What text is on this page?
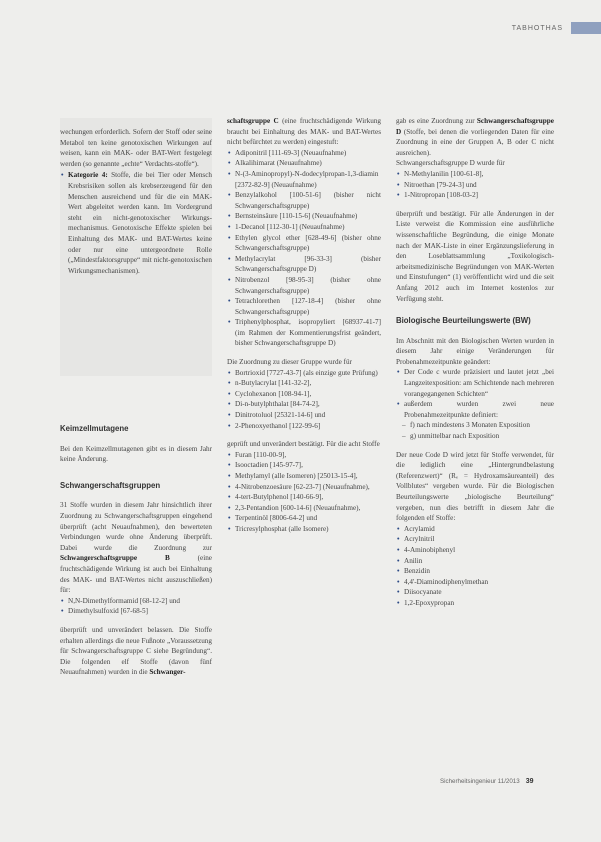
TABHOTHAS

wechungen erforderlich. Sofern der Stoff oder seine Metabol ten keine genotoxischen Wirkungen auf weisen, kann ein MAK- oder BAT-Wert festgelegt werden (so genannte „echte“ Verdachts-stoffe“).

• Kategorie 4: Stoffe, die bei Tier oder Mensch Krebsrisiken sollen als krebserzeugend für den Menschen ausreichend und für die ein MAK-Wert abgeleitet werden kann. Im Vordergrund steht ein nicht-genotoxischer Wirkungs-mechanismus. Genotoxische Effekte spielen bei Einhaltung des MAK- und BAT-Wertes keine oder nur eine untergeordnete Rolle („Mindestfaktorsgruppe“ mit nicht-genotoxischen Wirkungsmechanismen).

Keimzellmutagene

Bei den Keimzellmutagenen gibt es in diesem Jahr keine Änderung.

Schwangerschaftsgruppen

31 Stoffe wurden in diesem Jahr hinsichtlich ihrer Zuordnung zu Schwangerschaftsgruppen eingehend überprüft (acht Neuaufnahmen), den bewerteten Verbindungen wurde ohne Änderung überprüft. Dabei wurde die Zuordnung zur Schwangerschaftsgruppe B	(eine fruchtschädigende Wirkung ist auch bei Einhaltung des MAK- und BAT-Wertes nicht auszuschließen) für:

• N,N-Dimethylformamid [68-12-2] und
• Dimethylsulfoxid [67-68-5]

überprüft und unverändert belassen. Die Stoffe erhalten allerdings die neue Fußnote „Voraussetzung für Schwangerschaftsgruppe C siehe Begründung“. Die folgenden elf Stoffe (davon fünf Neuaufnahmen) wurden in die Schwanger-

schaftsgruppe C (eine fruchtschädigende Wirkung braucht bei Einhaltung des MAK- und BAT-Wertes nicht befürchtet zu werden) eingestuft:

• Adiponitril [111-69-3] (Neuaufnahme)
• Alkalihimarat (Neuaufnahme)
• N-(3-Aminopropyl)-N-dodecylpropan-1,3-diamin [2372-82-9] (Neuaufnahme)
• Benzylalkohol [100-51-6] (bisher nicht Schwangerschaftsgruppe)
• Bernsteinsäure [110-15-6] (Neuaufnahme)
• 1-Decanol [112-30-1] (Neuaufnahme)
• Ethylen glycol ether [628-49-6] (bisher ohne Schwangerschaftsgruppe)
• Methylacrylat [96-33-3] (bisher Schwangerschaftsgruppe D)
• Nitrobenzol [98-95-3] (bisher ohne Schwangerschaftsgruppe)
• Tetrachlorethen [127-18-4] (bisher ohne Schwangerschaftsgruppe)
• Triphenylphosphat, isopropyliert [68937-41-7] (im Rahmen der Kommentierungsfrist geändert, bisher Schwangerschaftsgruppe D)

Die Zuordnung zu dieser Gruppe wurde für

• Bortrioxid [7727-43-7] (als einzige gute Prüfung)
• n-Butylacrylat [141-32-2],
• Cyclohexanon [108-94-1],
• Di-n-butylphthalat [84-74-2],
• Dinitrotoluol [25321-14-6] und
• 2-Phenoxyethanol [122-99-6]

geprüft und unverändert bestätigt. Für die acht Stoffe

• Furan [110-00-9],
• Isooctadien [145-97-7],
• Methylamyl (alle Isomeren) [25013-15-4],
• 4-Nitrobenzoesäure [62-23-7] (Neuaufnahme),
• 4-tert-Butylphenol [140-66-9],
• 2,3-Pentandion [600-14-6] (Neuaufnahme),
• Terpentinöl [8006-64-2] und
• Tricresylphosphat (alle Isomere)

gab es eine Zuordnung zur Schwangerschaftsgruppe D (Stoffe, bei denen die vorliegenden Daten für eine Zuordnung in eine der Gruppen A, B oder C nicht ausreichen).

Schwangerschaftsgruppe D wurde für

• N-Methylanilin [100-61-8],
• Nitroethan [79-24-3] und
• 1-Nitropropan [108-03-2]

überprüft und bestätigt. Für alle Änderungen in der Liste verweist die Kommission eine ausführliche wissenschaftliche Begründung, die einige Monate nach der MAK-Liste in einer Ergänzungslieferung in den Loseblattsammlung „Toxikologisch-arbeitsmedizinische Begründungen von MAK-Werten und Einstufungen“ (1) veröffentlicht wird und die seit Anfang 2012 auch im Internet kostenlos zur Verfügung steht.

Biologische Beurteilungswerte (BW)

Im Abschnitt mit den Biologischen Werten wurden in diesem Jahr einige Veränderungen für Probenahmezeitpunkte geändert:

• Der Code c wurde präzisiert und lautet jetzt „bei Langzeitexposition: am Schichtende nach mehreren vorangegangenen Schichten“
• außerdem wurden zwei neue Probenahmezeitpunkte definiert:
– f) nach mindestens 3 Monaten Exposition
– g) unmittelbar nach Exposition

Der neue Code D wird jetzt für Stoffe verwendet, für die lediglich eine „Hintergrundbelastung (Referenzwert)“ (Rₑ = Hydroxamsäureanteil) des Vollblutes“ vergeben wurde. Für die Biologischen Beurteilungswerte „biologische Beurteilung“ vergeben, nun dies betrifft in diesem Jahr die folgenden elf Stoffe:

• Acrylamid
• Acrylnitril
• 4-Aminobiphenyl
• Anilin
• Benzidin
• 4,4'-Diaminodiphenylmethan
• Diisocyanate
• 1,2-Epoxypropan
Sicherheitsingenieur 11/2013 39
